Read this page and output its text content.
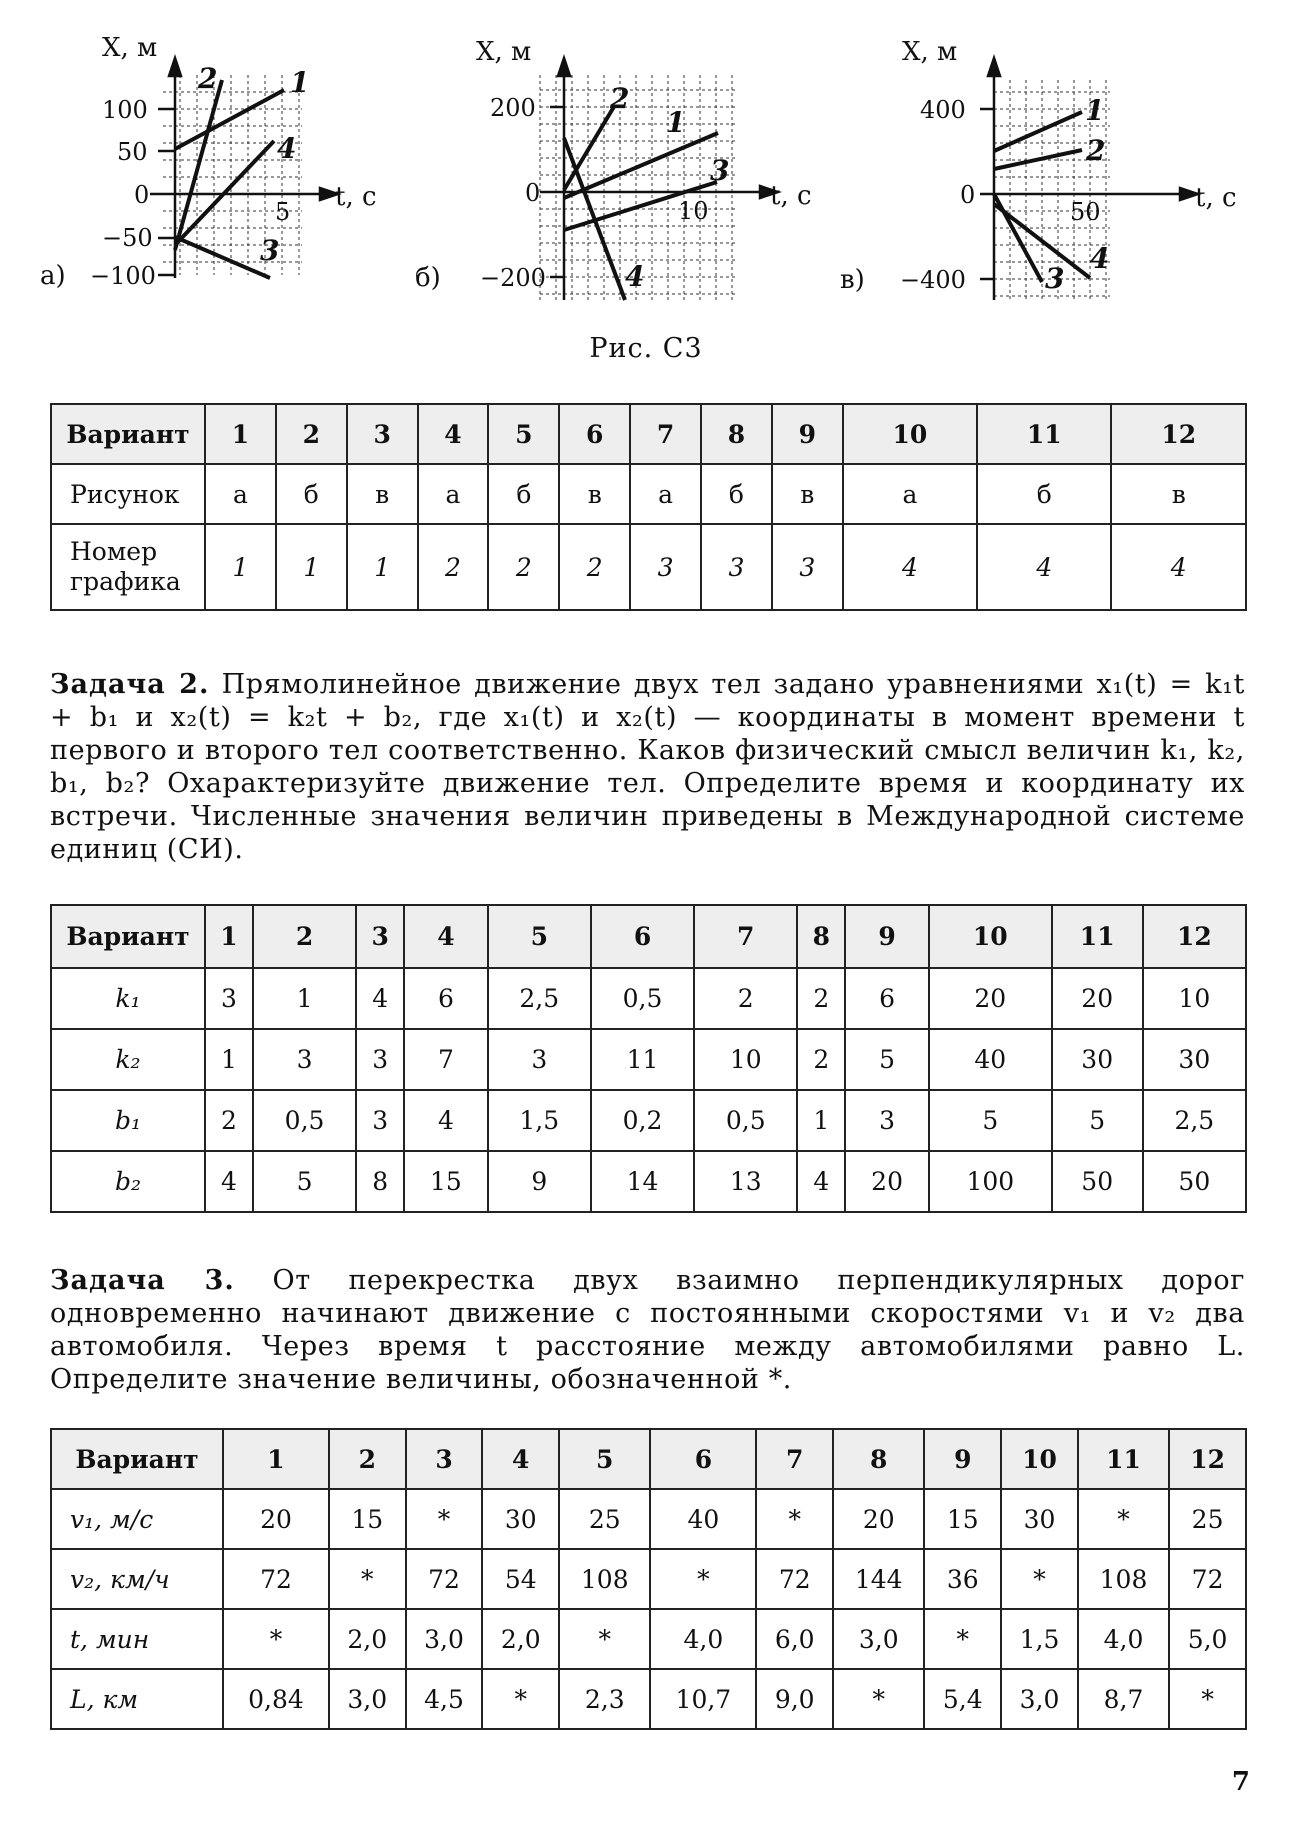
X, м
t, с
100
50
0
−50
−100
5
1
2
3
4
а)
X, м
t, с
200
0
−200
10
1
2
3
4
б)
X, м
t, с
400
0
−400
50
1
2
3
4
в)
Рис. С3
Вариант	1	2	3	4	5	6	7	8	9	10	11	12
Рисунок	а	б	в	а	б	в	а	б	в	а	б	в
Номер графика	1	1	1	2	2	2	3	3	3	4	4	4
Задача 2. Прямолинейное движение двух тел задано уравнениями x₁(t) = k₁t + b₁ и x₂(t) = k₂t + b₂, где x₁(t) и x₂(t) — координаты в момент времени t первого и второго тел соответственно. Каков физический смысл величин k₁, k₂, b₁, b₂? Охарактеризуйте движение тел. Определите время и координату их встречи. Численные значения величин приведены в Международной системе единиц (СИ).
Вариант	1	2	3	4	5	6	7	8	9	10	11	12
k₁	3	1	4	6	2,5	0,5	2	2	6	20	20	10
k₂	1	3	3	7	3	11	10	2	5	40	30	30
b₁	2	0,5	3	4	1,5	0,2	0,5	1	3	5	5	2,5
b₂	4	5	8	15	9	14	13	4	20	100	50	50
Задача 3. От перекрестка двух взаимно перпендикулярных дорог одновременно начинают движение с постоянными скоростями v₁ и v₂ два автомобиля. Через время t расстояние между автомобилями равно L. Определите значение величины, обозначенной *.
Вариант	1	2	3	4	5	6	7	8	9	10	11	12
v₁, м/с	20	15	*	30	25	40	*	20	15	30	*	25
v₂, км/ч	72	*	72	54	108	*	72	144	36	*	108	72
t, мин	*	2,0	3,0	2,0	*	4,0	6,0	3,0	*	1,5	4,0	5,0
L, км	0,84	3,0	4,5	*	2,3	10,7	9,0	*	5,4	3,0	8,7	*
7
